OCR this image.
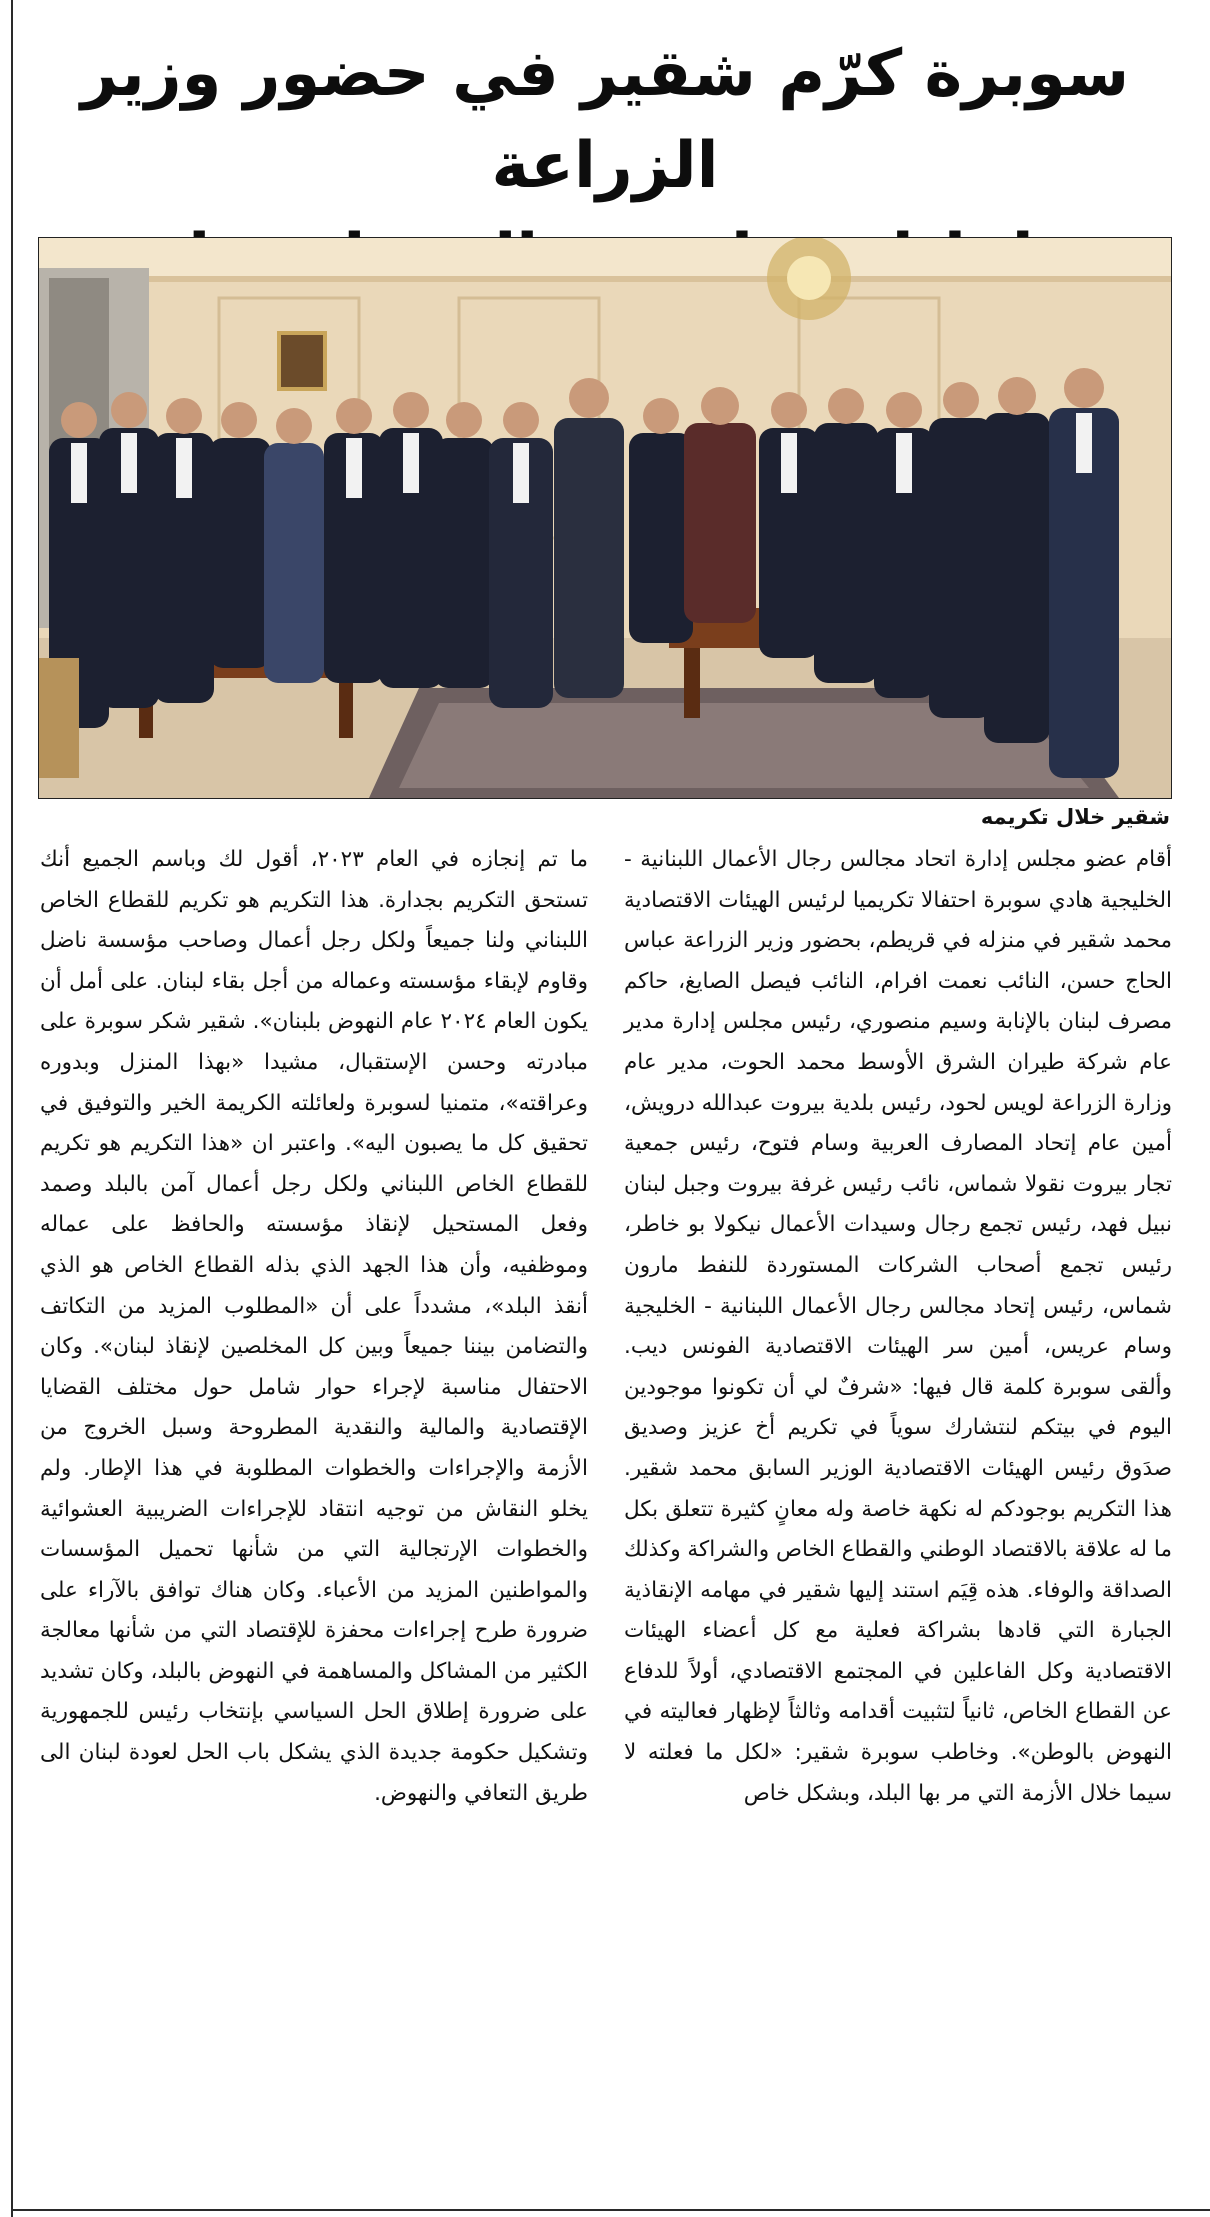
سوبرة كرّم شقير في حضور وزير الزراعة
شقير خلال تكريمه

أقام عضو مجلس إدارة اتحاد مجالس رجال الأعمال اللبنانية - الخليجية هادي سوبرة احتفالا تكريميا لرئيس الهيئات الاقتصادية محمد شقير في منزله في قريطم، بحضور وزير الزراعة عباس الحاج حسن، النائب نعمت افرام، النائب فيصل الصايغ، حاكم مصرف لبنان بالإنابة وسيم منصوري، رئيس مجلس إدارة مدير عام شركة طيران الشرق الأوسط محمد الحوت، مدير عام وزارة الزراعة لويس لحود، رئيس بلدية بيروت عبدالله درويش، أمين عام إتحاد المصارف العربية وسام فتوح، رئيس جمعية تجار بيروت نقولا شماس، نائب رئيس غرفة بيروت وجبل لبنان نبيل فهد، رئيس تجمع رجال وسيدات الأعمال نيكولا بو خاطر، رئيس تجمع أصحاب الشركات المستوردة للنفط مارون شماس، رئيس إتحاد مجالس رجال الأعمال اللبنانية - الخليجية وسام عريس، أمين سر الهيئات الاقتصادية الفونس ديب. وألقى سوبرة كلمة قال فيها: «شرفٌ لي أن تكونوا موجودين اليوم في بيتكم لنتشارك سوياً في تكريم أخ عزيز وصديق صدَوق رئيس الهيئات الاقتصادية الوزير السابق محمد شقير. هذا التكريم بوجودكم له نكهة خاصة وله معانٍ كثيرة تتعلق بكل ما له علاقة بالاقتصاد الوطني والقطاع الخاص والشراكة وكذلك الصداقة والوفاء. هذه قِيَم استند إليها شقير في مهامه الإنقاذية الجبارة التي قادها بشراكة فعلية مع كل أعضاء الهيئات الاقتصادية وكل الفاعلين في المجتمع الاقتصادي، أولاً للدفاع عن القطاع الخاص، ثانياً لتثبيت أقدامه وثالثاً لإظهار فعاليته في النهوض بالوطن». وخاطب سوبرة شقير: «لكل ما فعلته لا سيما خلال الأزمة التي مر بها البلد، وبشكل خاص

ما تم إنجازه في العام ٢٠٢٣، أقول لك وباسم الجميع أنك تستحق التكريم بجدارة. هذا التكريم هو تكريم للقطاع الخاص اللبناني ولنا جميعاً ولكل رجل أعمال وصاحب مؤسسة ناضل وقاوم لإبقاء مؤسسته وعماله من أجل بقاء لبنان. على أمل أن يكون العام ٢٠٢٤ عام النهوض بلبنان». شقير شكر سوبرة على مبادرته وحسن الإستقبال، مشيدا «بهذا المنزل وبدوره وعراقته»، متمنيا لسوبرة ولعائلته الكريمة الخير والتوفيق في تحقيق كل ما يصبون اليه». واعتبر ان «هذا التكريم هو تكريم للقطاع الخاص اللبناني ولكل رجل أعمال آمن بالبلد وصمد وفعل المستحيل لإنقاذ مؤسسته والحافظ على عماله وموظفيه، وأن هذا الجهد الذي بذله القطاع الخاص هو الذي أنقذ البلد»، مشدداً على أن «المطلوب المزيد من التكاتف والتضامن بيننا جميعاً وبين كل المخلصين لإنقاذ لبنان». وكان الاحتفال مناسبة لإجراء حوار شامل حول مختلف القضايا الإقتصادية والمالية والنقدية المطروحة وسبل الخروج من الأزمة والإجراءات والخطوات المطلوبة في هذا الإطار. ولم يخلو النقاش من توجيه انتقاد للإجراءات الضريبية العشوائية والخطوات الإرتجالية التي من شأنها تحميل المؤسسات والمواطنين المزيد من الأعباء. وكان هناك توافق بالآراء على ضرورة طرح إجراءات محفزة للإقتصاد التي من شأنها معالجة الكثير من المشاكل والمساهمة في النهوض بالبلد، وكان تشديد على ضرورة إطلاق الحل السياسي بإنتخاب رئيس للجمهورية وتشكيل حكومة جديدة الذي يشكل باب الحل لعودة لبنان الى طريق التعافي والنهوض.
